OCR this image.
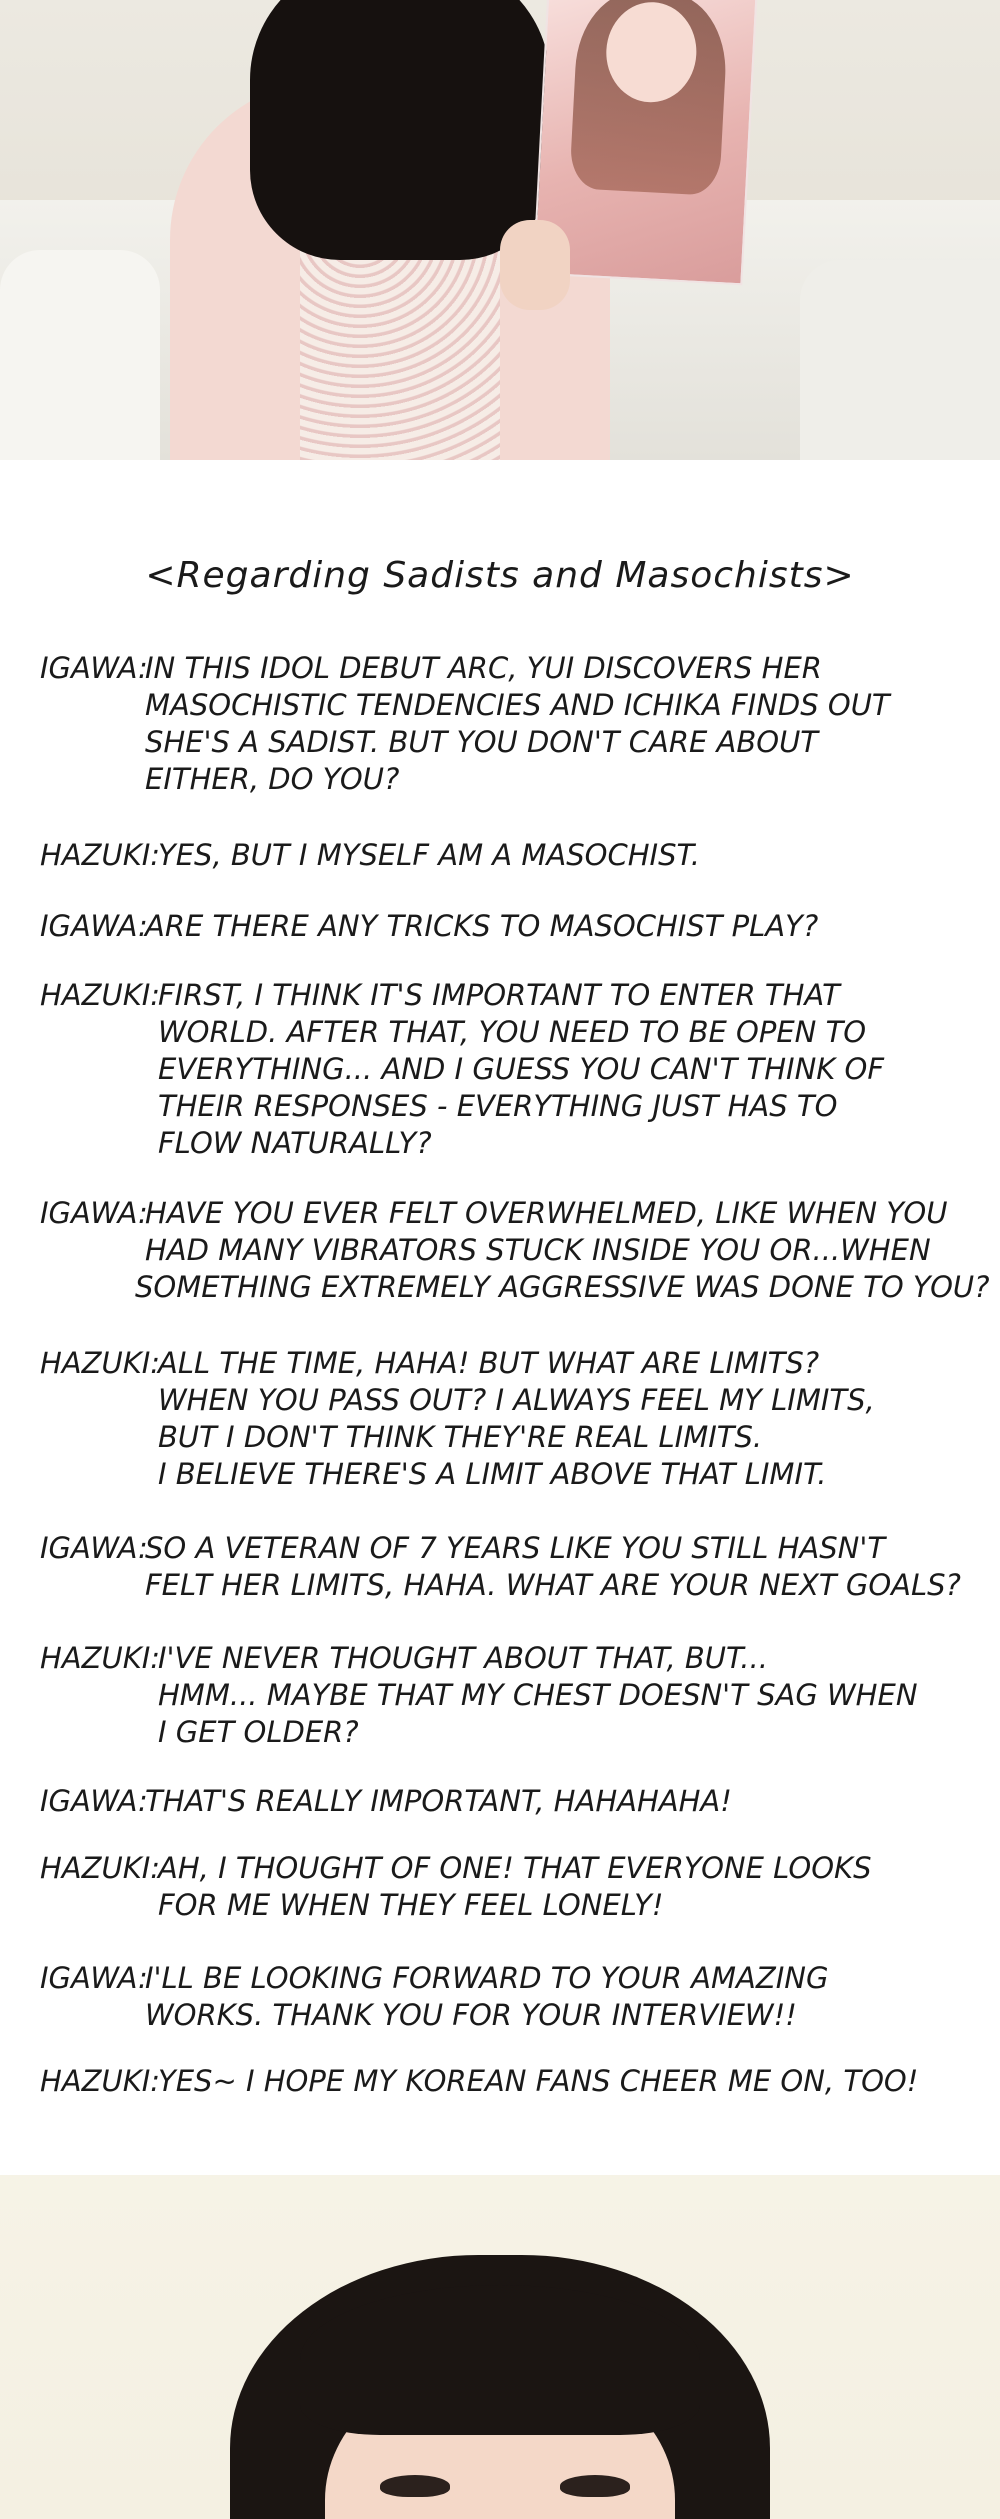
<Regarding Sadists and Masochists>
IGAWA:
IN THIS IDOL DEBUT ARC, YUI DISCOVERS HER
MASOCHISTIC TENDENCIES AND ICHIKA FINDS OUT
SHE'S A SADIST. BUT YOU DON'T CARE ABOUT
EITHER, DO YOU?
HAZUKI:
YES, BUT I MYSELF AM A MASOCHIST.
IGAWA:
ARE THERE ANY TRICKS TO MASOCHIST PLAY?
HAZUKI:
FIRST, I THINK IT'S IMPORTANT TO ENTER THAT
WORLD. AFTER THAT, YOU NEED TO BE OPEN TO
EVERYTHING... AND I GUESS YOU CAN'T THINK OF
THEIR RESPONSES - EVERYTHING JUST HAS TO
FLOW NATURALLY?
IGAWA:
HAVE YOU EVER FELT OVERWHELMED, LIKE WHEN YOU
HAD MANY VIBRATORS STUCK INSIDE YOU OR...WHEN
SOMETHING EXTREMELY AGGRESSIVE WAS DONE TO YOU?
HAZUKI:
ALL THE TIME, HAHA! BUT WHAT ARE LIMITS?
WHEN YOU PASS OUT? I ALWAYS FEEL MY LIMITS,
BUT I DON'T THINK THEY'RE REAL LIMITS.
I BELIEVE THERE'S A LIMIT ABOVE THAT LIMIT.
IGAWA:
SO A VETERAN OF 7 YEARS LIKE YOU STILL HASN'T
FELT HER LIMITS, HAHA. WHAT ARE YOUR NEXT GOALS?
HAZUKI:
I'VE NEVER THOUGHT ABOUT THAT, BUT...
HMM... MAYBE THAT MY CHEST DOESN'T SAG WHEN
I GET OLDER?
IGAWA:
THAT'S REALLY IMPORTANT, HAHAHAHA!
HAZUKI:
AH, I THOUGHT OF ONE! THAT EVERYONE LOOKS
FOR ME WHEN THEY FEEL LONELY!
IGAWA:
I'LL BE LOOKING FORWARD TO YOUR AMAZING
WORKS. THANK YOU FOR YOUR INTERVIEW!!
HAZUKI:
YES~ I HOPE MY KOREAN FANS CHEER ME ON, TOO!
